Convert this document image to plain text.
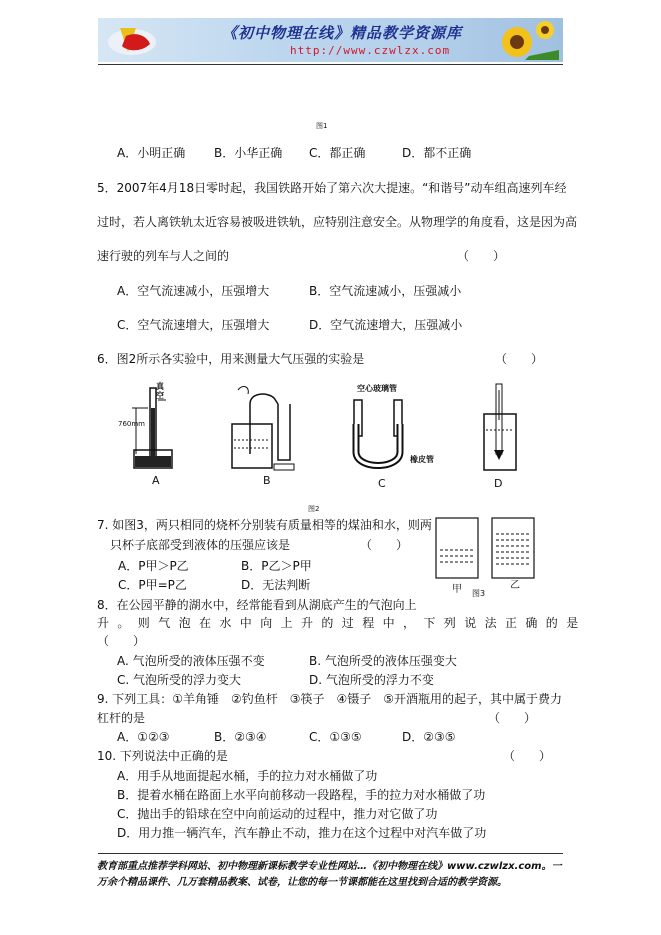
《初中物理在线》精品教学资源库
http://www.czwlzx.com
图1
A．小明正确 B．小华正确 C．都正确	D．都不正确
5．2007年4月18日零时起，我国铁路开始了第六次大提速。“和谐号”动车组高速列车经
过时，若人离铁轨太近容易被吸进铁轨，应特别注意安全。从物理学的角度看，这是因为高
速行驶的列车与人之间的	（　　）
A．空气流速减小，压强增大	B．空气流速减小，压强减小
C．空气流速增大，压强增大	D．空气流速增大，压强减小
6．图2所示各实验中，用来测量大气压强的实验是	（　　）
真空
760mm
A	B
空心玻璃管
橡皮管
C	D
图2
7. 如图3，两只相同的烧杯分别装有质量相等的煤油和水，则两
只杯子底部受到液体的压强应该是	（　　）
A．P甲＞P乙	B．P乙＞P甲
C．P甲=P乙	D．无法判断	甲	乙
图3
8．在公园平静的湖水中，经常能看到从湖底产生的气泡向上
升。则气泡在水中向上升的过程中，下列说法正确的是
（　　）
A. 气泡所受的液体压强不变	B. 气泡所受的液体压强变大
C. 气泡所受的浮力变大	D. 气泡所受的浮力不变
9. 下列工具：①羊角锤　②钓鱼杆　③筷子　④镊子　⑤开酒瓶用的起子，其中属于费力
杠杆的是	（　　）
A．①②③	B．②③④	C．①③⑤	D．②③⑤
10. 下列说法中正确的是	（　　）
A．用手从地面提起水桶，手的拉力对水桶做了功
B．提着水桶在路面上水平向前移动一段路程，手的拉力对水桶做了功
C．抛出手的铅球在空中向前运动的过程中，推力对它做了功
D．用力推一辆汽车，汽车静止不动，推力在这个过程中对汽车做了功
教育部重点推荐学科网站、初中物理新课标教学专业性网站…《初中物理在线》www.czwlzx.com。一万余个精品课件、几万套精品教案、试卷，让您的每一节课都能在这里找到合适的教学资源。
